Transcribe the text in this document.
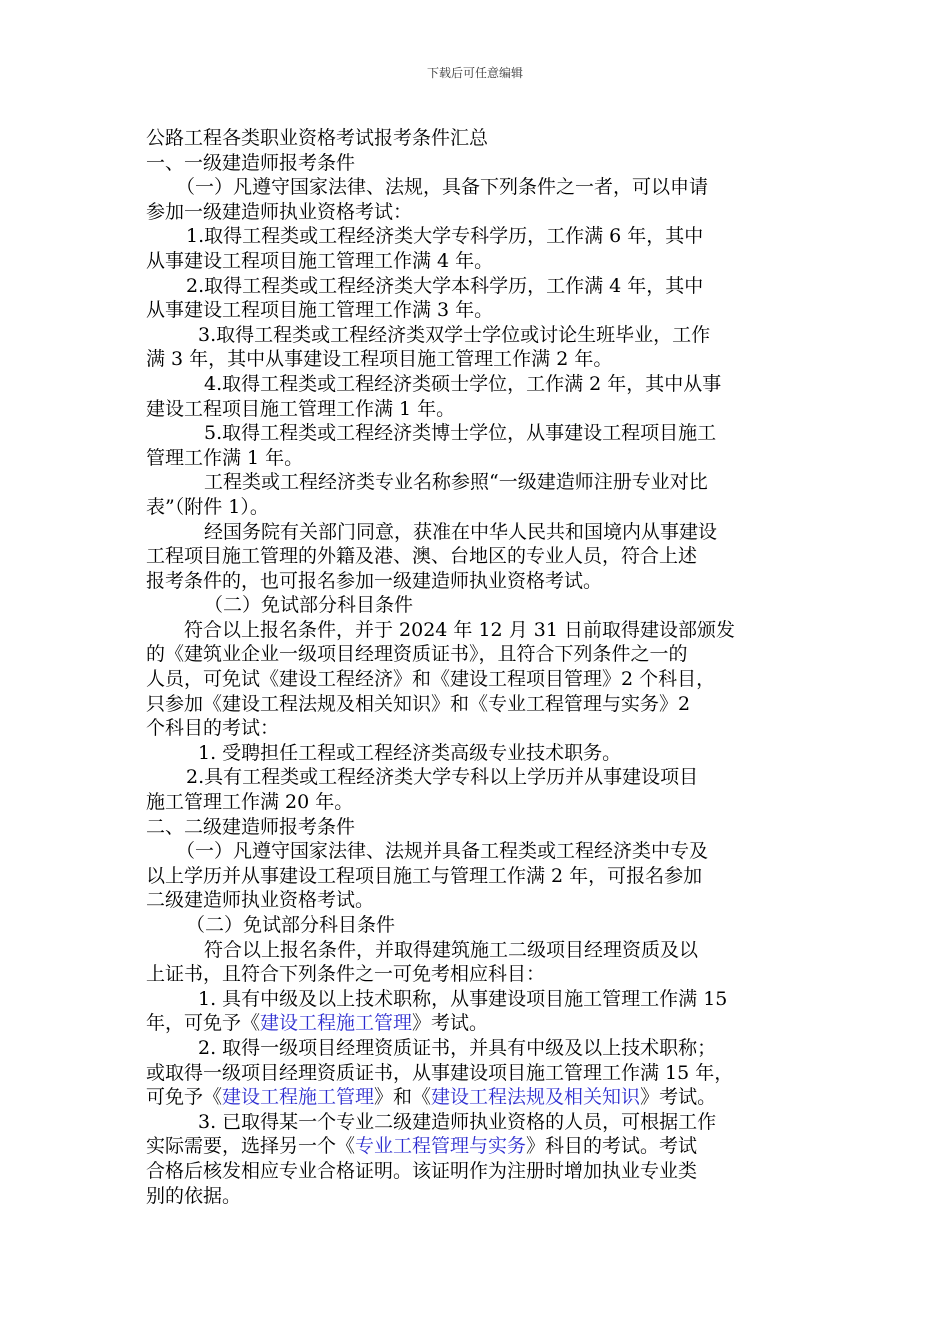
下载后可任意编辑

公路工程各类职业资格考试报考条件汇总

一、一级建造师报考条件

（一）凡遵守国家法律、法规，具备下列条件之一者，可以申请

参加一级建造师执业资格考试：

1.取得工程类或工程经济类大学专科学历，工作满 6 年，其中

从事建设工程项目施工管理工作满 4 年。

2.取得工程类或工程经济类大学本科学历，工作满 4 年，其中

从事建设工程项目施工管理工作满 3 年。

3.取得工程类或工程经济类双学士学位或讨论生班毕业，工作

满 3 年，其中从事建设工程项目施工管理工作满 2 年。

4.取得工程类或工程经济类硕士学位，工作满 2 年，其中从事

建设工程项目施工管理工作满 1 年。

5.取得工程类或工程经济类博士学位，从事建设工程项目施工

管理工作满 1 年。

工程类或工程经济类专业名称参照“一级建造师注册专业对比

表”（附件 1）。

经国务院有关部门同意，获准在中华人民共和国境内从事建设

工程项目施工管理的外籍及港、澳、台地区的专业人员，符合上述

报考条件的，也可报名参加一级建造师执业资格考试。

（二）免试部分科目条件

符合以上报名条件，并于 2024 年 12 月 31 日前取得建设部颁发

的《建筑业企业一级项目经理资质证书》，且符合下列条件之一的

人员，可免试《建设工程经济》和《建设工程项目管理》2 个科目，

只参加《建设工程法规及相关知识》和《专业工程管理与实务》2

个科目的考试：

1. 受聘担任工程或工程经济类高级专业技术职务。

2.具有工程类或工程经济类大学专科以上学历并从事建设项目

施工管理工作满 20 年。

二、二级建造师报考条件

（一）凡遵守国家法律、法规并具备工程类或工程经济类中专及

以上学历并从事建设工程项目施工与管理工作满 2 年，可报名参加

二级建造师执业资格考试。

（二）免试部分科目条件

符合以上报名条件，并取得建筑施工二级项目经理资质及以

上证书，且符合下列条件之一可免考相应科目：

1. 具有中级及以上技术职称，从事建设项目施工管理工作满 15

年，可免予《建设工程施工管理》考试。

2. 取得一级项目经理资质证书，并具有中级及以上技术职称；

或取得一级项目经理资质证书，从事建设项目施工管理工作满 15 年，

可免予《建设工程施工管理》和《建设工程法规及相关知识》考试。

3. 已取得某一个专业二级建造师执业资格的人员，可根据工作

实际需要，选择另一个《专业工程管理与实务》科目的考试。考试

合格后核发相应专业合格证明。该证明作为注册时增加执业专业类

别的依据。
